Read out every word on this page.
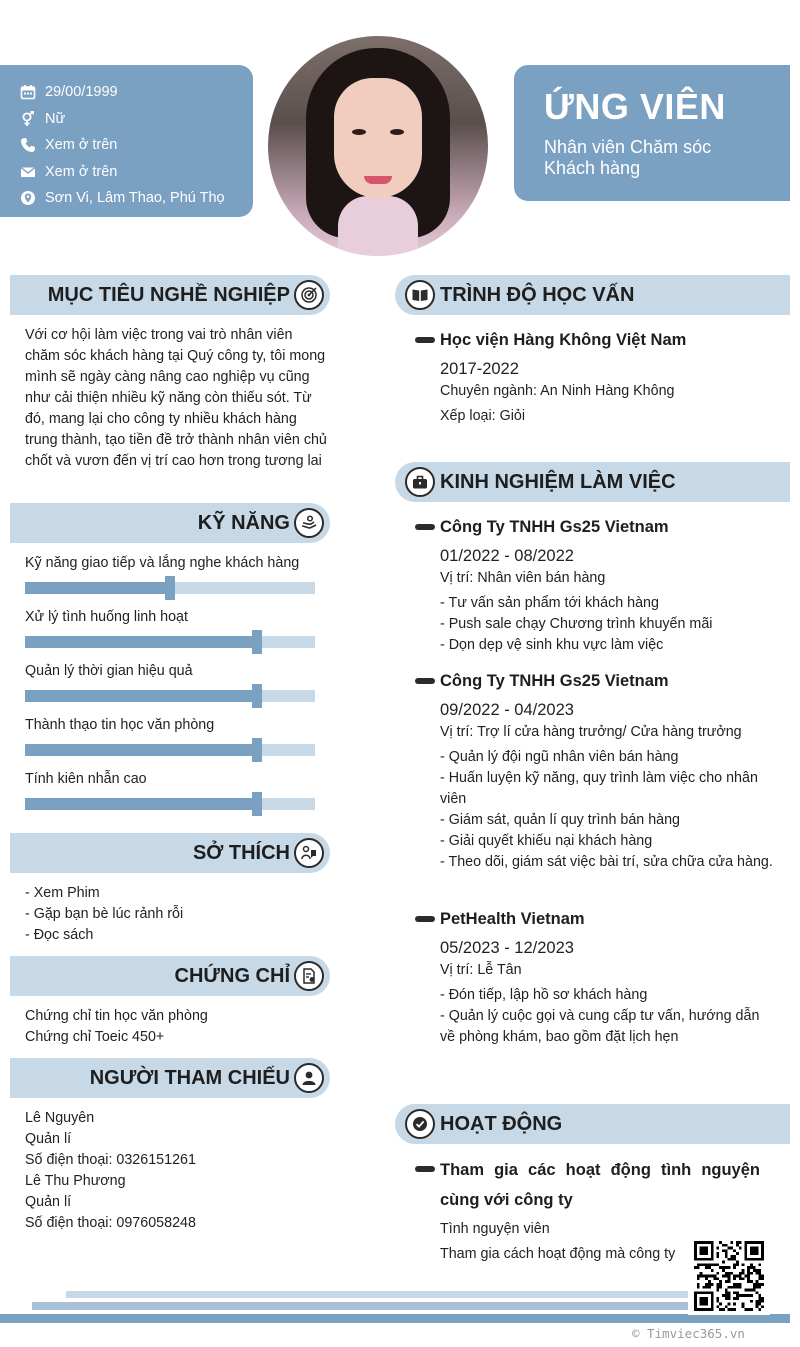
29/00/1999
Nữ
Xem ở trên
Xem ở trên
Sơn Vi, Lâm Thao, Phú Thọ
ỨNG VIÊN
Nhân viên Chăm sóc Khách hàng
MỤC TIÊU NGHỀ NGHIỆP
Với cơ hội làm việc trong vai trò nhân viên chăm sóc khách hàng tại Quý công ty, tôi mong mình sẽ ngày càng nâng cao nghiệp vụ cũng như cải thiện nhiều kỹ năng còn thiếu sót. Từ đó, mang lại cho công ty nhiều khách hàng trung thành, tạo tiền đề trở thành nhân viên chủ chốt và vươn đến vị trí cao hơn trong tương lai
KỸ NĂNG
Kỹ năng giao tiếp và lắng nghe khách hàng
Xử lý tình huống linh hoạt
Quản lý thời gian hiệu quả
Thành thạo tin học văn phòng
Tính kiên nhẫn cao
SỞ THÍCH
- Xem Phim
- Gặp bạn bè lúc rảnh rỗi
- Đọc sách
CHỨNG CHỈ
Chứng chỉ tin học văn phòng
Chứng chỉ Toeic 450+
NGƯỜI THAM CHIẾU
Lê Nguyên
Quản lí
Số điện thoại: 0326151261
Lê Thu Phương
Quản lí
Số điện thoại: 0976058248
TRÌNH ĐỘ HỌC VẤN
Học viện Hàng Không Việt Nam
2017-2022
Chuyên ngành: An Ninh Hàng Không
Xếp loại: Giỏi
KINH NGHIỆM LÀM VIỆC
Công Ty TNHH Gs25 Vietnam
01/2022 - 08/2022
Vị trí: Nhân viên bán hàng
- Tư vấn sản phẩm tới khách hàng
- Push sale chạy Chương trình khuyến mãi
- Dọn dẹp vệ sinh khu vực làm việc
Công Ty TNHH Gs25 Vietnam
09/2022 - 04/2023
Vị trí: Trợ lí cửa hàng trưởng/ Cửa hàng trưởng
- Quản lý đội ngũ nhân viên bán hàng
- Huấn luyện kỹ năng, quy trình làm việc cho nhân viên
- Giám sát, quản lí quy trình bán hàng
- Giải quyết khiếu nại khách hàng
- Theo dõi, giám sát việc bài trí, sửa chữa cửa hàng.
PetHealth Vietnam
05/2023 - 12/2023
Vị trí: Lễ Tân
- Đón tiếp, lập hồ sơ khách hàng
- Quản lý cuộc gọi và cung cấp tư vấn, hướng dẫn về phòng khám, bao gồm đặt lịch hẹn
HOẠT ĐỘNG
Tham gia các hoạt động tình nguyện cùng với công ty
Tình nguyện viên
Tham gia cách hoạt động mà công ty
© Timviec365.vn
